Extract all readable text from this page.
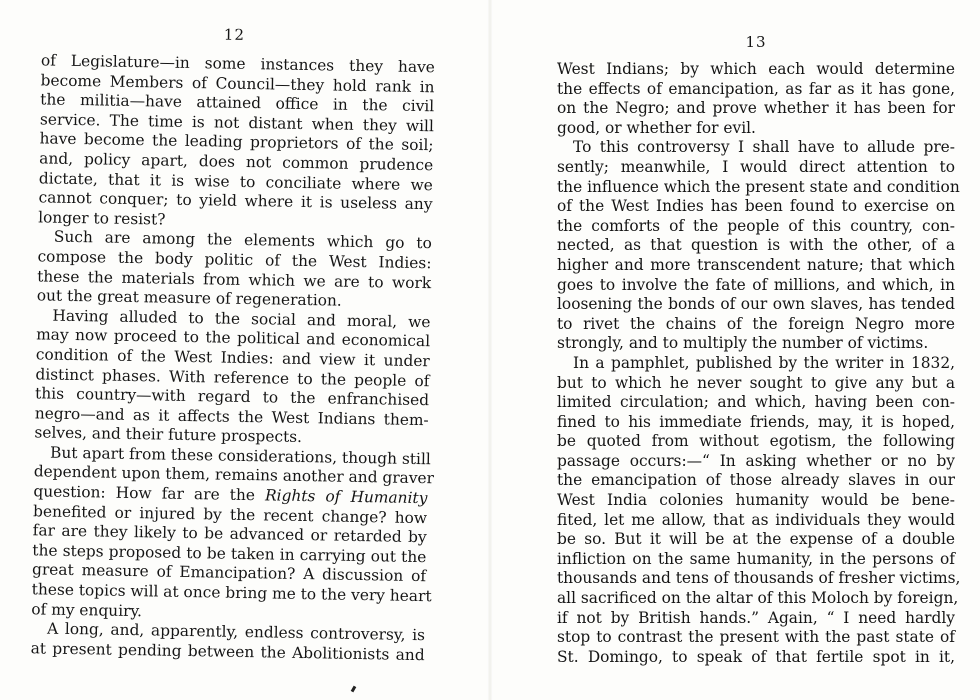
12
of Legislature—in some instances they have
become Members of Council—they hold rank in
the militia—have attained office in the civil
service. The time is not distant when they will
have become the leading proprietors of the soil;
and, policy apart, does not common prudence
dictate, that it is wise to conciliate where we
cannot conquer; to yield where it is useless any
longer to resist?
Such are among the elements which go to
compose the body politic of the West Indies:
these the materials from which we are to work
out the great measure of regeneration.
Having alluded to the social and moral, we
may now proceed to the political and economical
condition of the West Indies: and view it under
distinct phases. With reference to the people of
this country—with regard to the enfranchised
negro—and as it affects the West Indians them-
selves, and their future prospects.
But apart from these considerations, though still
dependent upon them, remains another and graver
question: How far are the Rights of Humanity
benefited or injured by the recent change? how
far are they likely to be advanced or retarded by
the steps proposed to be taken in carrying out the
great measure of Emancipation? A discussion of
these topics will at once bring me to the very heart
of my enquiry.
A long, and, apparently, endless controversy, is
at present pending between the Abolitionists and
13
West Indians; by which each would determine
the effects of emancipation, as far as it has gone,
on the Negro; and prove whether it has been for
good, or whether for evil.
To this controversy I shall have to allude pre-
sently; meanwhile, I would direct attention to
the influence which the present state and condition
of the West Indies has been found to exercise on
the comforts of the people of this country, con-
nected, as that question is with the other, of a
higher and more transcendent nature; that which
goes to involve the fate of millions, and which, in
loosening the bonds of our own slaves, has tended
to rivet the chains of the foreign Negro more
strongly, and to multiply the number of victims.
In a pamphlet, published by the writer in 1832,
but to which he never sought to give any but a
limited circulation; and which, having been con-
fined to his immediate friends, may, it is hoped,
be quoted from without egotism, the following
passage occurs:—“ In asking whether or no by
the emancipation of those already slaves in our
West India colonies humanity would be bene-
fited, let me allow, that as individuals they would
be so. But it will be at the expense of a double
infliction on the same humanity, in the persons of
thousands and tens of thousands of fresher victims,
all sacrificed on the altar of this Moloch by foreign,
if not by British hands.” Again, “ I need hardly
stop to contrast the present with the past state of
St. Domingo, to speak of that fertile spot in it,
